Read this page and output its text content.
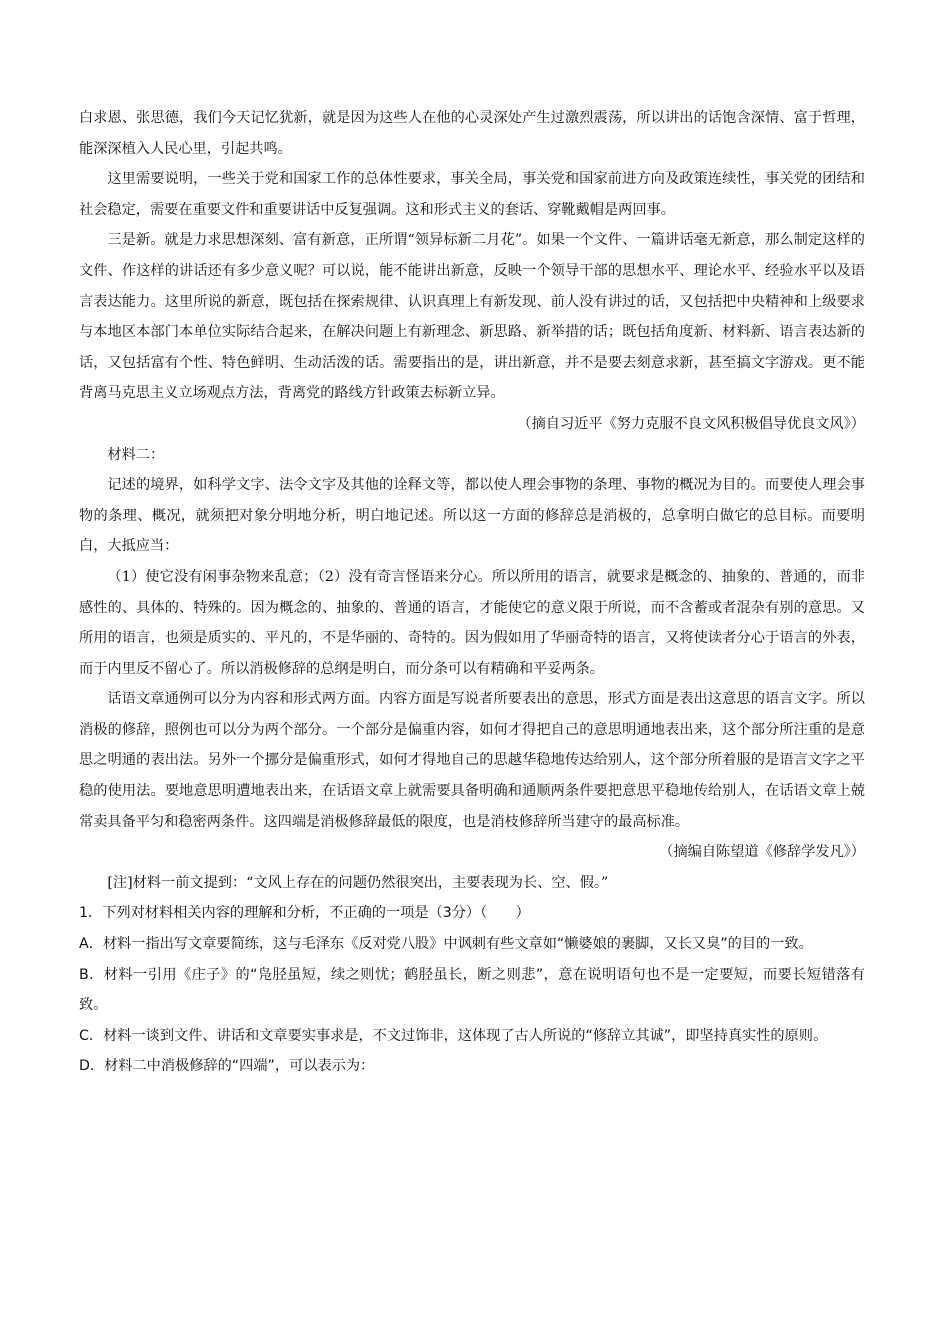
白求恩、张思德，我们今天记忆犹新，就是因为这些人在他的心灵深处产生过激烈震荡，所以讲出的话饱含深情、富于哲理，能深深植入人民心里，引起共鸣。

这里需要说明，一些关于党和国家工作的总体性要求，事关全局，事关党和国家前进方向及政策连续性，事关党的团结和社会稳定，需要在重要文件和重要讲话中反复强调。这和形式主义的套话、穿靴戴帽是两回事。

三是新。就是力求思想深刻、富有新意，正所谓“领异标新二月花”。如果一个文件、一篇讲话毫无新意，那么制定这样的文件、作这样的讲话还有多少意义呢？可以说，能不能讲出新意，反映一个领导干部的思想水平、理论水平、经验水平以及语言表达能力。这里所说的新意，既包括在探索规律、认识真理上有新发现、前人没有讲过的话，又包括把中央精神和上级要求与本地区本部门本单位实际结合起来，在解决问题上有新理念、新思路、新举措的话；既包括角度新、材料新、语言表达新的话，又包括富有个性、特色鲜明、生动活泼的话。需要指出的是，讲出新意，并不是要去刻意求新，甚至搞文字游戏。更不能背离马克思主义立场观点方法，背离党的路线方针政策去标新立异。

（摘自习近平《努力克服不良文风积极倡导优良文风》）

材料二：

记述的境界，如科学文字、法令文字及其他的诠释文等，都以使人理会事物的条理、事物的概况为目的。而要使人理会事物的条理、概况，就须把对象分明地分析，明白地记述。所以这一方面的修辞总是消极的，总拿明白做它的总目标。而要明白，大抵应当：

（1）使它没有闲事杂物来乱意；（2）没有奇言怪语来分心。所以所用的语言，就要求是概念的、抽象的、普通的，而非感性的、具体的、特殊的。因为概念的、抽象的、普通的语言，才能使它的意义限于所说，而不含蓄或者混杂有别的意思。又所用的语言，也须是质实的、平凡的，不是华丽的、奇特的。因为假如用了华丽奇特的语言，又将使读者分心于语言的外表，而于内里反不留心了。所以消极修辞的总纲是明白，而分条可以有精确和平妥两条。

话语文章通例可以分为内容和形式两方面。内容方面是写说者所要表出的意思，形式方面是表出这意思的语言文字。所以消极的修辞，照例也可以分为两个部分。一个部分是偏重内容，如何才得把自己的意思明通地表出来，这个部分所注重的是意思之明通的表出法。另外一个挪分是偏重形式，如何才得地自己的思越华稳地传达给别人，这个部分所着服的是语言文字之平稳的使用法。要地意思明遭地表出来，在话语文章上就需要具备明确和通顺两条件要把意思平稳地传给别人，在话语文章上兢常卖具备平匀和稳密两条件。这四端是消极修辞最低的限度，也是消枝修辞所当建守的最高标准。

（摘编自陈望道《修辞学发凡》）

[注]材料一前文提到：“文风上存在的问题仍然很突出，主要表现为长、空、假。”

1．下列对材料相关内容的理解和分析，不正确的一项是（3分）（　　）

A．材料一指出写文章要简练，这与毛泽东《反对党八股》中讽刺有些文章如“懒婆娘的裹脚，又长又臭”的目的一致。

B．材料一引用《庄子》的“凫胫虽短，续之则忧；鹤胫虽长，断之则悲”，意在说明语句也不是一定要短，而要长短错落有致。

C．材料一谈到文件、讲话和文章要实事求是，不文过饰非，这体现了古人所说的“修辞立其诚”，即坚持真实性的原则。

D．材料二中消极修辞的“四端”，可以表示为：
